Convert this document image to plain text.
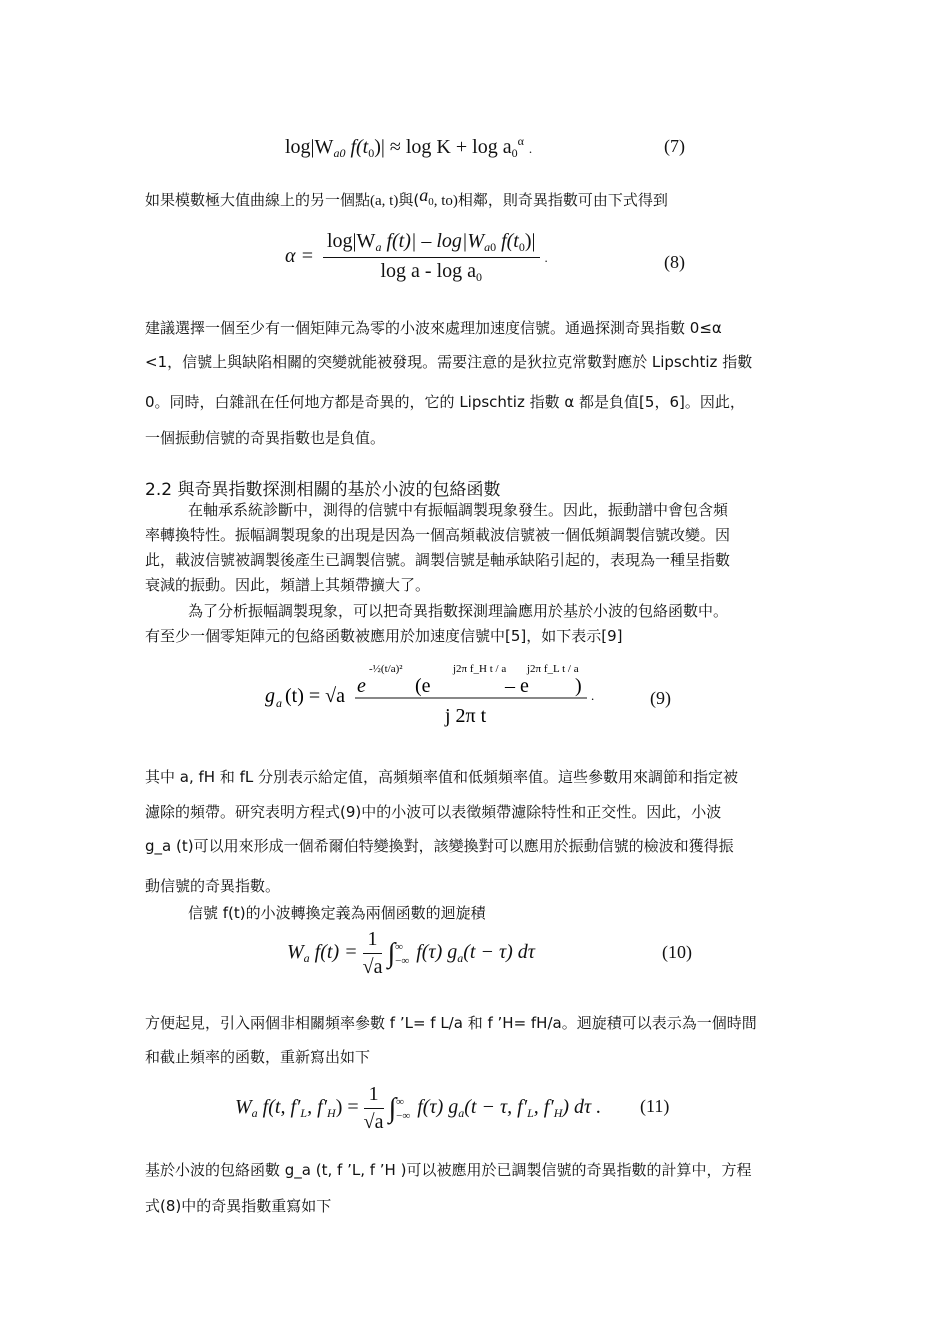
$\log|W_{a0}$ $f(t_0)| \approx \log K + \log a_0^\alpha$ .	(7)
如果模數極大值曲線上的另一個點(a, t)與(a0, to)相鄰，則奇異指數可由下式得到
$\alpha = \frac{\log|W_a f(t)| - \log|W_{a0} f(t_0)|}{\log a - \log a_0}$ .	(8)
建議選擇一個至少有一個矩陣元為零的小波來處理加速度信號。通過探測奇異指數 0≤α
<1，信號上與缺陷相關的突變就能被發現。需要注意的是狄拉克常數對應於 Lipschtiz 指數
0。同時，白雜訊在任何地方都是奇異的，它的 Lipschtiz 指數 α 都是負值[5，6]。因此，
一個振動信號的奇異指數也是負值。
2.2 與奇異指數探測相關的基於小波的包絡函數
在軸承系統診斷中，測得的信號中有振幅調製現象發生。因此，振動譜中會包含頻
率轉換特性。振幅調製現象的出現是因為一個高頻載波信號被一個低頻調製信號改變。因
此，載波信號被調製後產生已調製信號。調製信號是軸承缺陷引起的，表現為一種呈指數
衰減的振動。因此，頻譜上其頻帶擴大了。
為了分析振幅調製現象，可以把奇異指數探測理論應用於基於小波的包絡函數中。
有至少一個零矩陣元的包絡函數被應用於加速度信號中[5]，如下表示[9]
g a (t) = √a e
-½(t/a)²
(e
j2π f_H t / a
– e
j2π f_L t / a
)
j 2π t
.	(9)
其中 a, fH 和 fL 分別表示給定值，高頻頻率值和低頻頻率值。這些參數用來調節和指定被
濾除的頻帶。研究表明方程式(9)中的小波可以表徵頻帶濾除特性和正交性。因此，小波
g_a (t)可以用來形成一個希爾伯特變換對，該變換對可以應用於振動信號的檢波和獲得振
動信號的奇異指數。
信號 f(t)的小波轉換定義為兩個函數的迴旋積
$W_a$ $f(t) = \frac{1}{√a}$ ∫ ∞
−∞ f(τ) $g_a(t - \tau)$ dτ	(10)
方便起見，引入兩個非相關頻率參數 f ’L= f L/a 和 f ’H= fH/a。迴旋積可以表示為一個時間
和截止頻率的函數，重新寫出如下
$W_a$ f(t, $f'_L$, $f'_H) = \frac{1}{√a}$ ∫ ∞
−∞ f(τ) $g_a(t - \tau$, $f'_L$, $f'_H$) dτ . (11)
基於小波的包絡函數 g_a (t, f ’L, f ’H )可以被應用於已調製信號的奇異指數的計算中，方程
式(8)中的奇異指數重寫如下
